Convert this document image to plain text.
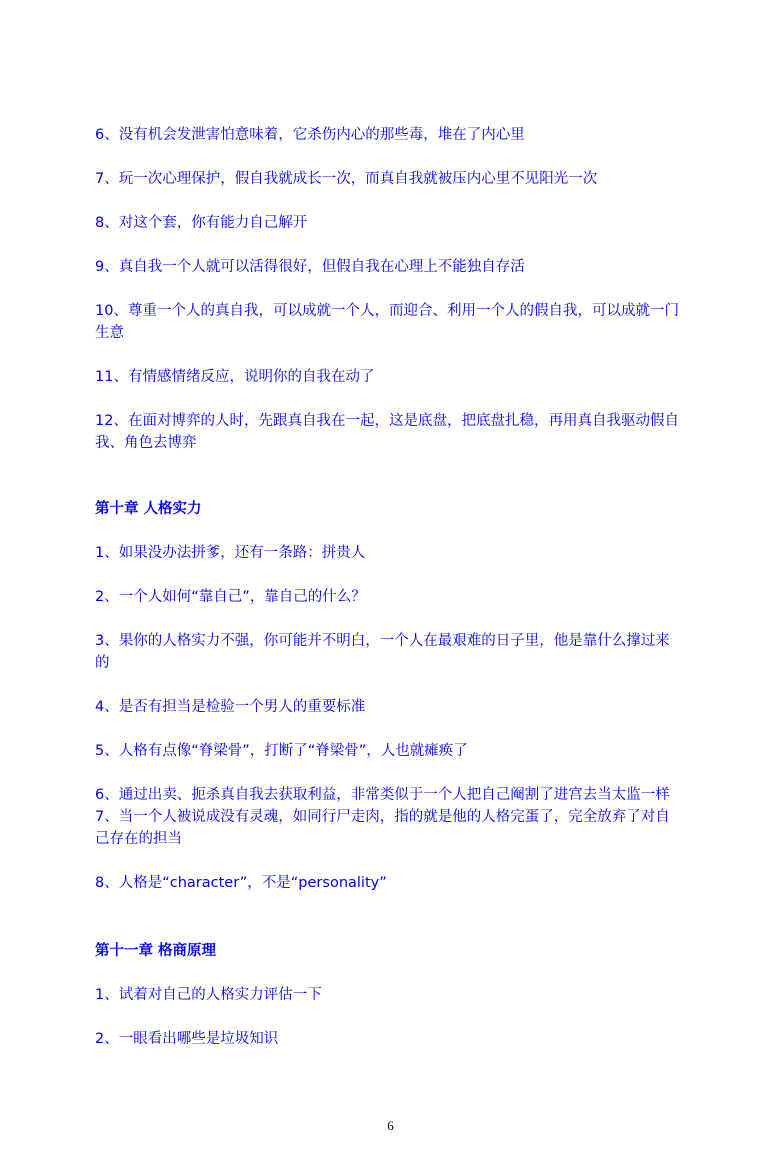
6、没有机会发泄害怕意味着，它杀伤内心的那些毒，堆在了内心里
7、玩一次心理保护，假自我就成长一次，而真自我就被压内心里不见阳光一次
8、对这个套，你有能力自己解开
9、真自我一个人就可以活得很好，但假自我在心理上不能独自存活
10、尊重一个人的真自我，可以成就一个人，而迎合、利用一个人的假自我，可以成就一门
生意
11、有情感情绪反应，说明你的自我在动了
12、在面对博弈的人时，先跟真自我在一起，这是底盘，把底盘扎稳，再用真自我驱动假自
我、角色去博弈
第十章 人格实力
1、如果没办法拼爹，还有一条路：拼贵人
2、一个人如何“靠自己”，靠自己的什么？
3、果你的人格实力不强，你可能并不明白，一个人在最艰难的日子里，他是靠什么撑过来
的
4、是否有担当是检验一个男人的重要标准
5、人格有点像“脊梁骨”，打断了“脊梁骨”，人也就瘫痪了
6、通过出卖、扼杀真自我去获取利益，非常类似于一个人把自己阉割了进宫去当太监一样
7、当一个人被说成没有灵魂，如同行尸走肉，指的就是他的人格完蛋了，完全放弃了对自
己存在的担当
8、人格是“character”，不是“personality”
第十一章 格商原理
1、试着对自己的人格实力评估一下
2、一眼看出哪些是垃圾知识
6
